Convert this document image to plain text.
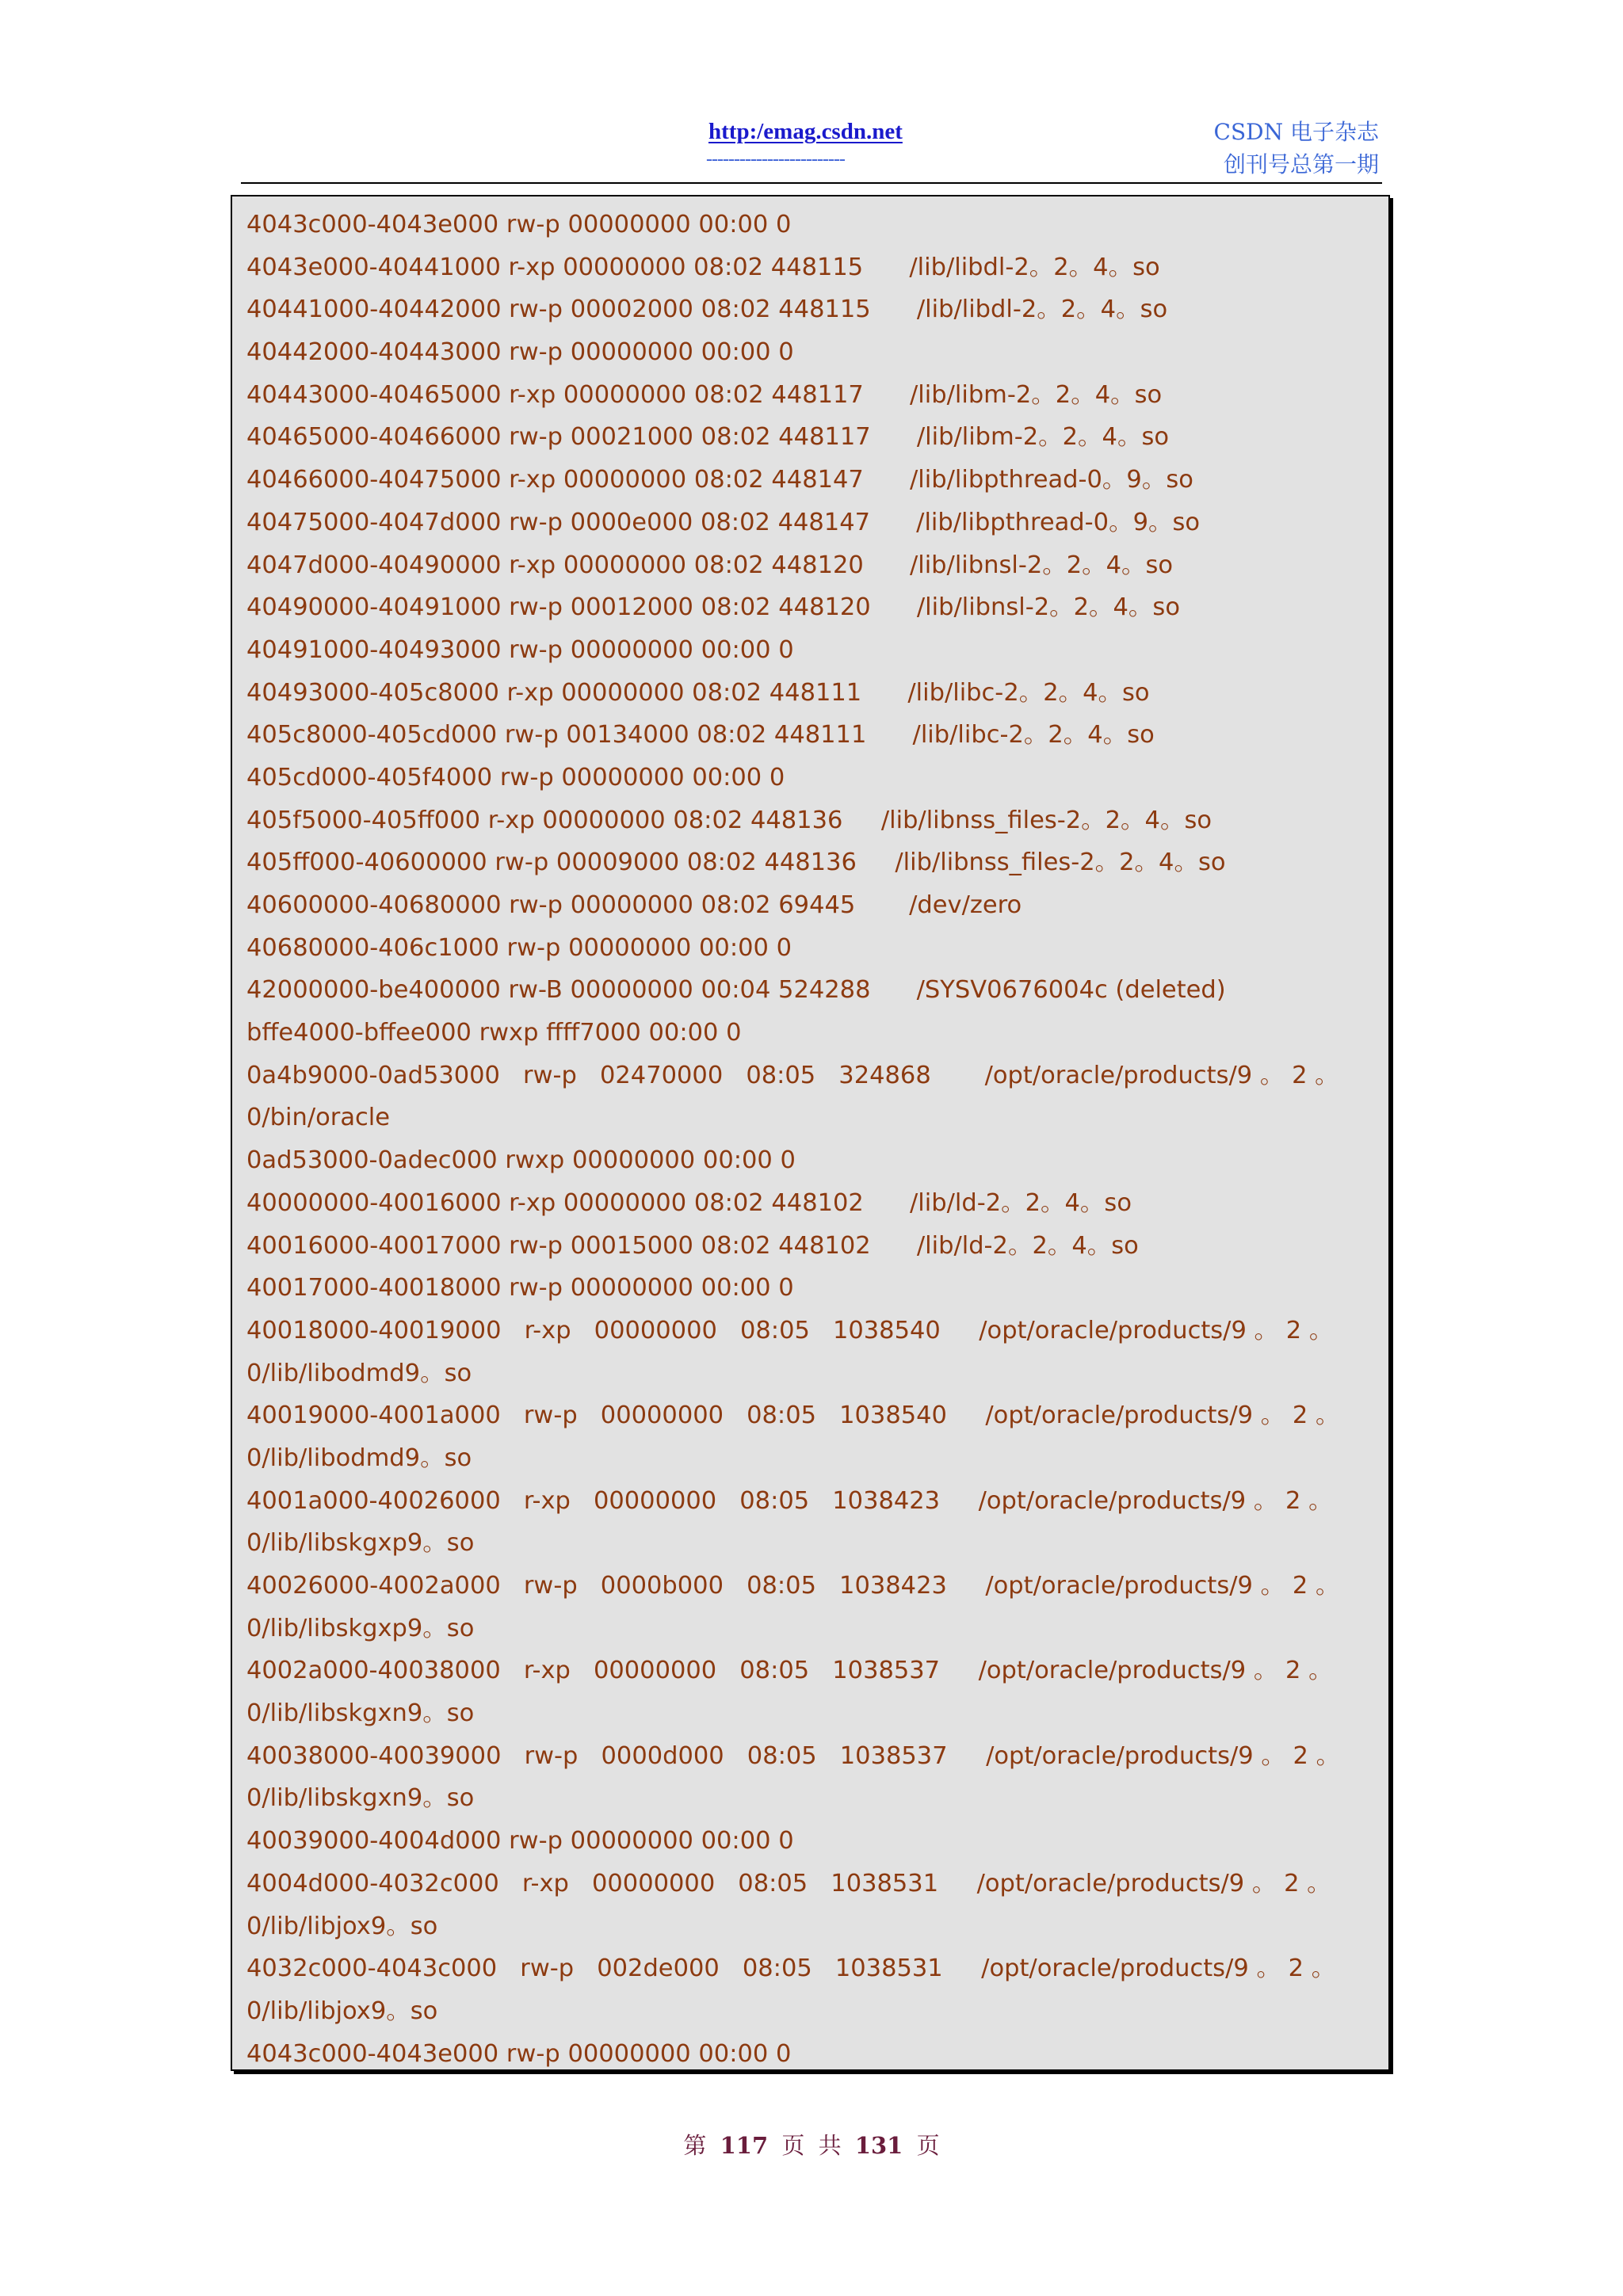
http:/emag.csdn.net
-------------------------
CSDN 电子杂志
创刊号总第一期
4043c000-4043e000 rw-p 00000000 00:00 0
4043e000-40441000 r-xp 00000000 08:02 448115      /lib/libdl-2。2。4。so
40441000-40442000 rw-p 00002000 08:02 448115      /lib/libdl-2。2。4。so
40442000-40443000 rw-p 00000000 00:00 0
40443000-40465000 r-xp 00000000 08:02 448117      /lib/libm-2。2。4。so
40465000-40466000 rw-p 00021000 08:02 448117      /lib/libm-2。2。4。so
40466000-40475000 r-xp 00000000 08:02 448147      /lib/libpthread-0。9。so
40475000-4047d000 rw-p 0000e000 08:02 448147      /lib/libpthread-0。9。so
4047d000-40490000 r-xp 00000000 08:02 448120      /lib/libnsl-2。2。4。so
40490000-40491000 rw-p 00012000 08:02 448120      /lib/libnsl-2。2。4。so
40491000-40493000 rw-p 00000000 00:00 0
40493000-405c8000 r-xp 00000000 08:02 448111      /lib/libc-2。2。4。so
405c8000-405cd000 rw-p 00134000 08:02 448111      /lib/libc-2。2。4。so
405cd000-405f4000 rw-p 00000000 00:00 0
405f5000-405ff000 r-xp 00000000 08:02 448136     /lib/libnss_files-2。2。4。so
405ff000-40600000 rw-p 00009000 08:02 448136     /lib/libnss_files-2。2。4。so
40600000-40680000 rw-p 00000000 08:02 69445       /dev/zero
40680000-406c1000 rw-p 00000000 00:00 0
42000000-be400000 rw-B 00000000 00:04 524288      /SYSV0676004c (deleted)
bffe4000-bffee000 rwxp ffff7000 00:00 0
0a4b9000-0ad53000   rw-p   02470000   08:05   324868       /opt/oracle/products/9 。 2 。
0/bin/oracle
0ad53000-0adec000 rwxp 00000000 00:00 0
40000000-40016000 r-xp 00000000 08:02 448102      /lib/ld-2。2。4。so
40016000-40017000 rw-p 00015000 08:02 448102      /lib/ld-2。2。4。so
40017000-40018000 rw-p 00000000 00:00 0
40018000-40019000   r-xp   00000000   08:05   1038540     /opt/oracle/products/9 。 2 。
0/lib/libodmd9。so
40019000-4001a000   rw-p   00000000   08:05   1038540     /opt/oracle/products/9 。 2 。
0/lib/libodmd9。so
4001a000-40026000   r-xp   00000000   08:05   1038423     /opt/oracle/products/9 。 2 。
0/lib/libskgxp9。so
40026000-4002a000   rw-p   0000b000   08:05   1038423     /opt/oracle/products/9 。 2 。
0/lib/libskgxp9。so
4002a000-40038000   r-xp   00000000   08:05   1038537     /opt/oracle/products/9 。 2 。
0/lib/libskgxn9。so
40038000-40039000   rw-p   0000d000   08:05   1038537     /opt/oracle/products/9 。 2 。
0/lib/libskgxn9。so
40039000-4004d000 rw-p 00000000 00:00 0
4004d000-4032c000   r-xp   00000000   08:05   1038531     /opt/oracle/products/9 。 2 。
0/lib/libjox9。so
4032c000-4043c000   rw-p   002de000   08:05   1038531     /opt/oracle/products/9 。 2 。
0/lib/libjox9。so
4043c000-4043e000 rw-p 00000000 00:00 0
第 117 页 共 131 页
